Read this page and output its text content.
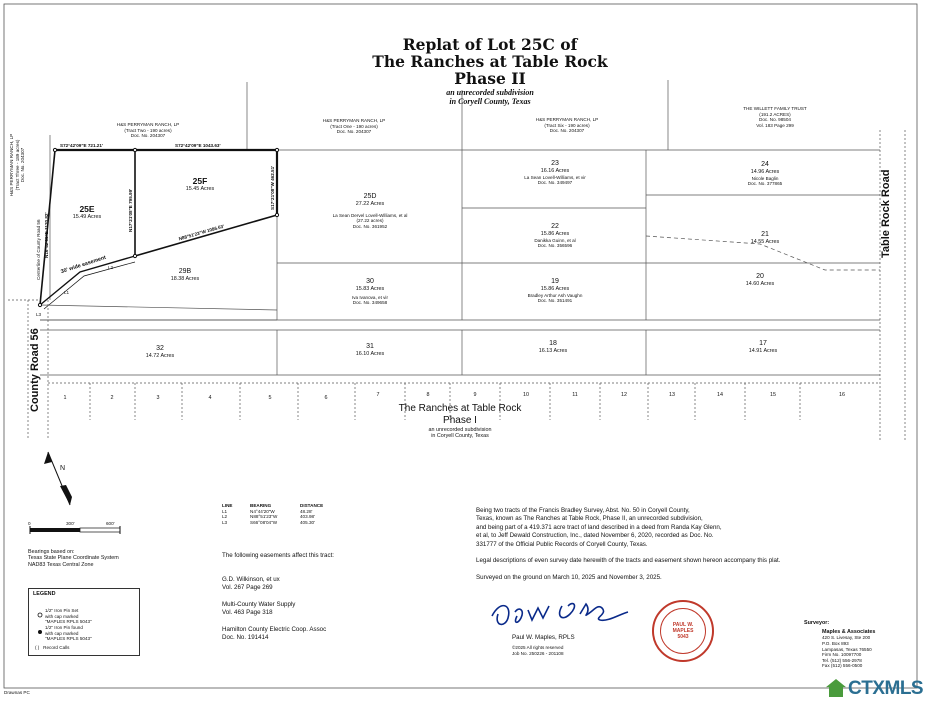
Replat of Lot 25C of
The Ranches at Table Rock
Phase II
an unrecorded subdivision
in Coryell County, Texas
H&S PERRYMAN RANCH, LP
(Tract One - 190 acres)
Doc. No. 204307
H&S PERRYMAN RANCH, LP
(Tract Six - 190 acres)
Doc. No. 204307
THE WILLETT FAMILY TRUST
(191.2 ACRES)
Doc. No. 98504
Vol. 183 Page 299
H&S PERRYMAN RANCH, LP
(Tract Two - 190 acres)
Doc. No. 204307
H&S PERRYMAN RANCH, LP (Tract Three - 189 acres) Doc. No. 204307
Table Rock Road
County Road 56
Centerline of County Road 56
S72°42'09"E 721.21'	S72°42'09"E 1043.63'
S17°21'08"W 462.51'
N17°21'08"E 795.99'
N88°51'23"W 1086.63'
N16°42'35"E 1120.82'
30' wide easement
L1
L2
L3
25E
15.49 Acres
25F
15.45 Acres
25D
27.22 Acres
La Sean Dervel Lovell-Williams, et al
(27.22 acres)
Doc. No. 361952
29B
18.38 Acres
23
16.16 Acres
La Sean Lovell-Williams, et vir
Doc. No. 349497
24
14.96 Acres
Nicole Baglin
Doc. No. 377865
22
15.86 Acres
Danikka Guinn, et al
Doc. No. 356596
21
14.55 Acres
30
15.83 Acres
Iva Ivanova, et vir
Doc. No. 349658
19
15.86 Acres
Bradley Arthur Ash Vaughn
Doc. No. 351491
20
14.60 Acres
32
14.72 Acres
31
16.10 Acres
18
16.13 Acres
17
14.91 Acres
1	2	3	4	5	6	7	8	9	10	11	12	13	14	15	16
The Ranches at Table Rock
Phase I
an unrecorded subdivision
in Coryell County, Texas
N
0	300'	600'
Bearings based on:
Texas State Plane Coordinate System
NAD83 Texas Central Zone
LEGEND
1/2" Iron Pin Set
with cap marked
"MAPLES RPLS 5043"
1/2" Iron Pin found
with cap marked
"MAPLES RPLS 5043"
( )   Record Calls
LINE	BEARING	DISTANCE
L1	N4°44'20"W	48.28'
L2	N88°51'23"W	403.98'
L3	S66°08'04"W	405.30'
The following easements affect this tract:
G.D. Wilkinson, et ux
Vol. 267 Page 269
Multi-County Water Supply
Vol. 463 Page 318
Hamilton County Electric Coop. Assoc
Doc. No. 191414
Being two tracts of the Francis Bradley Survey, Abst. No. 50 in Coryell County,
Texas, known as The Ranches at Table Rock, Phase II, an unrecorded subdivision,
and being part of a 419.371 acre tract of land described in a deed from Randa Kay Glenn,
et al, to Jeff Dewald Construction, Inc., dated November 6, 2020, recorded as Doc. No.
331777 of the Official Public Records of Coryell County, Texas.
Legal descriptions of even survey date herewith of the tracts and easement shown hereon accompany this plat.
Surveyed on the ground on March 10, 2025 and November 3, 2025.
Paul W. Maples, RPLS
©2025 All rights reserved
Job No. 250226 - 201108
PAUL W. MAPLES
5043
Surveyor:
Maples & Associates
420 S. Livesay, Ste 200
P.O. Box 893
Lampasas, Texas 76550
Firm No. 10097700
Tel. (512) 556-2978
Fax (512) 556-0500
Drawnas PC	CTXMLS
